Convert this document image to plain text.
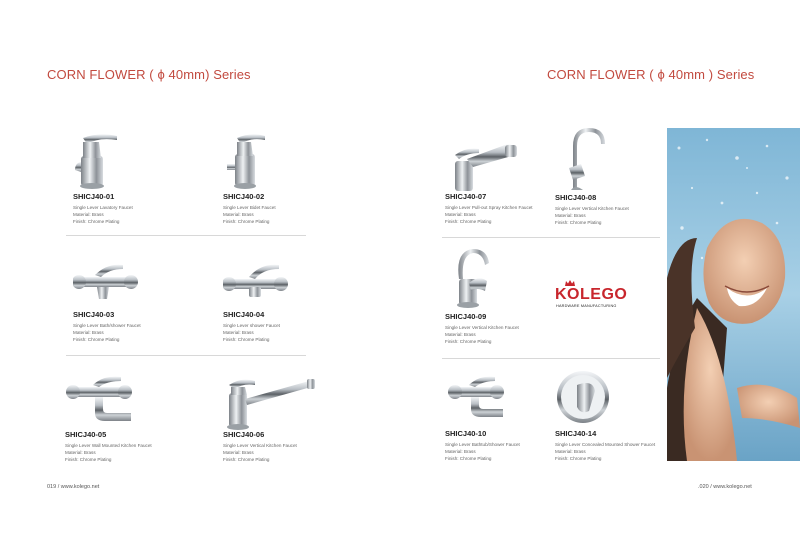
CORN FLOWER ( ϕ 40mm) Series
SHICJ40-01
Single Lever Lavatory Faucet
Material: Brass
Finish: Chrome Plating
SHICJ40-02
Single Lever Bidet Faucet
Material: Brass
Finish: Chrome Plating
SHICJ40-03
Single Lever Bath/shower Faucet
Material: Brass
Finish: Chrome Plating
SHICJ40-04
Single Lever shower Faucet
Material: Brass
Finish: Chrome Plating
SHICJ40-05
Single Lever Wall Mounted Kitchen Faucet
Material: Brass
Finish: Chrome Plating
SHICJ40-06
Single Lever Vertical Kitchen Faucet
Material: Brass
Finish: Chrome Plating
019 / www.kolego.net
CORN FLOWER ( ϕ 40mm ) Series
SHICJ40-07
Single Lever Pull-out Spray Kitchen Faucet
Material: Brass
Finish: Chrome Plating
SHICJ40-08
Single Lever Vertical Kitchen Faucet
Material: Brass
Finish: Chrome Plating
SHICJ40-09
Single Lever Vertical Kitchen Faucet
Material: Brass
Finish: Chrome Plating
KOLEGO
HARDWARE MANUFACTURING
SHICJ40-10
Single Lever Bathtub/Shower Faucet
Material: Brass
Finish: Chrome Plating
SHICJ40-14
Single Lever Concealed Mounted Shower Faucet
Material: Brass
Finish: Chrome Plating
.020 / www.kolego.net
